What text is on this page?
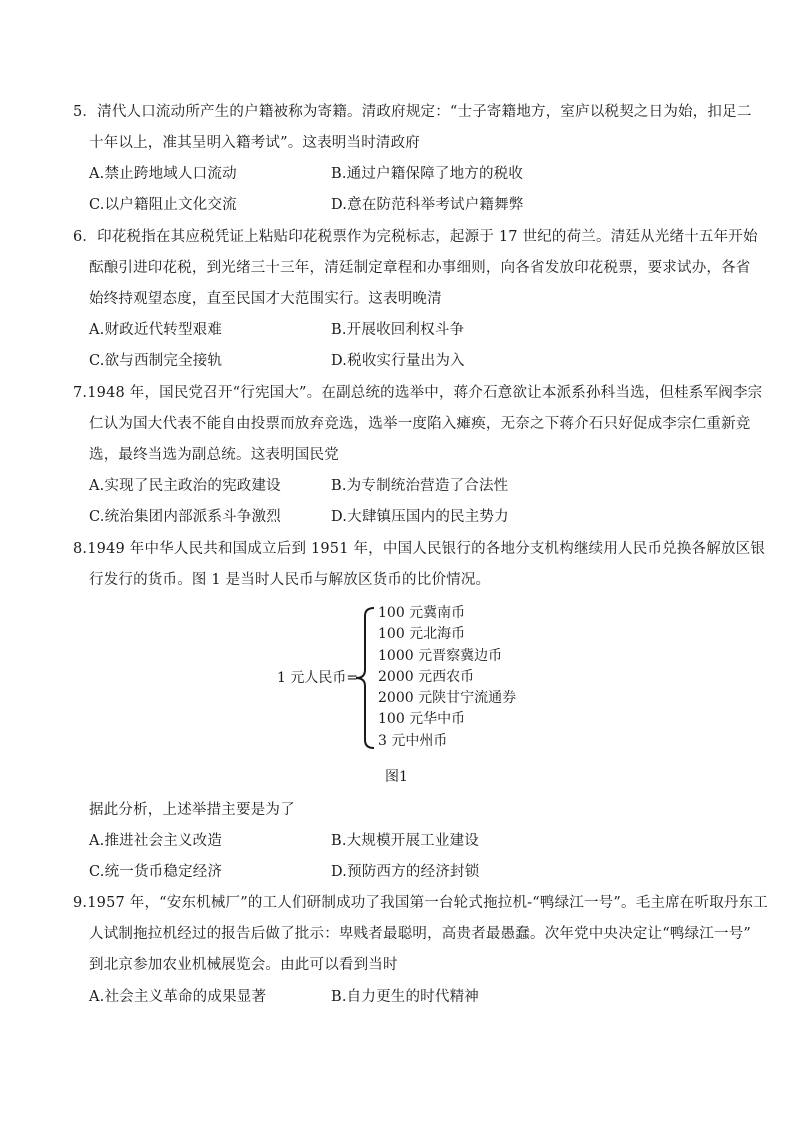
5．清代人口流动所产生的户籍被称为寄籍。清政府规定：“士子寄籍地方，室庐以税契之日为始，扣足二
十年以上，准其呈明入籍考试”。这表明当时清政府
A.禁止跨地域人口流动	B.通过户籍保障了地方的税收
C.以户籍阻止文化交流	D.意在防范科举考试户籍舞弊
6．印花税指在其应税凭证上粘贴印花税票作为完税标志，起源于 17 世纪的荷兰。清廷从光绪十五年开始
酝酿引进印花税，到光绪三十三年，清廷制定章程和办事细则，向各省发放印花税票，要求试办，各省
始终持观望态度，直至民国才大范围实行。这表明晚清
A.财政近代转型艰难	B.开展收回利权斗争
C.欲与西制完全接轨	D.税收实行量出为入
7.1948 年，国民党召开“行宪国大”。在副总统的选举中，蒋介石意欲让本派系孙科当选，但桂系军阀李宗
仁认为国大代表不能自由投票而放弃竞选，选举一度陷入瘫痪，无奈之下蒋介石只好促成李宗仁重新竞
选，最终当选为副总统。这表明国民党
A.实现了民主政治的宪政建设	B.为专制统治营造了合法性
C.统治集团内部派系斗争激烈	D.大肆镇压国内的民主势力
8.1949 年中华人民共和国成立后到 1951 年，中国人民银行的各地分支机构继续用人民币兑换各解放区银
行发行的货币。图 1 是当时人民币与解放区货币的比价情况。
1 元人民币=
100 元冀南币
100 元北海币
1000 元晋察冀边币
2000 元西农币
2000 元陕甘宁流通券
100 元华中币
3 元中州币
图1
据此分析，上述举措主要是为了
A.推进社会主义改造	B.大规模开展工业建设
C.统一货币稳定经济	D.预防西方的经济封锁
9.1957 年，“安东机械厂”的工人们研制成功了我国第一台轮式拖拉机-“鸭绿江一号”。毛主席在听取丹东工
人试制拖拉机经过的报告后做了批示：卑贱者最聪明，高贵者最愚蠢。次年党中央决定让“鸭绿江一号”
到北京参加农业机械展览会。由此可以看到当时
A.社会主义革命的成果显著	B.自力更生的时代精神
